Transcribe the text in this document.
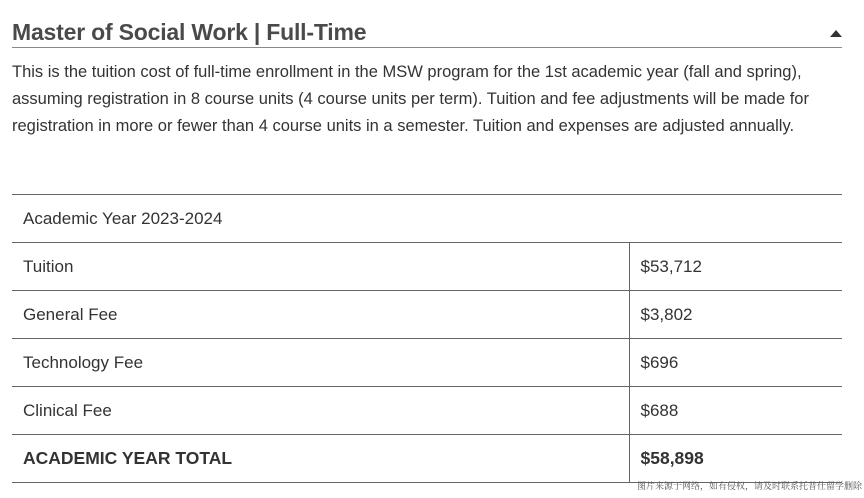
Master of Social Work | Full-Time

This is the tuition cost of full-time enrollment in the MSW program for the 1st academic year (fall and spring), assuming registration in 8 course units (4 course units per term). Tuition and fee adjustments will be made for registration in more or fewer than 4 course units in a semester. Tuition and expenses are adjusted annually.

Academic Year 2023-2024	
Tuition	$53,712
General Fee	$3,802
Technology Fee	$696
Clinical Fee	$688
ACADEMIC YEAR TOTAL	$58,898
图片来源于网络，如有侵权，请及时联系托普仕留学删除
